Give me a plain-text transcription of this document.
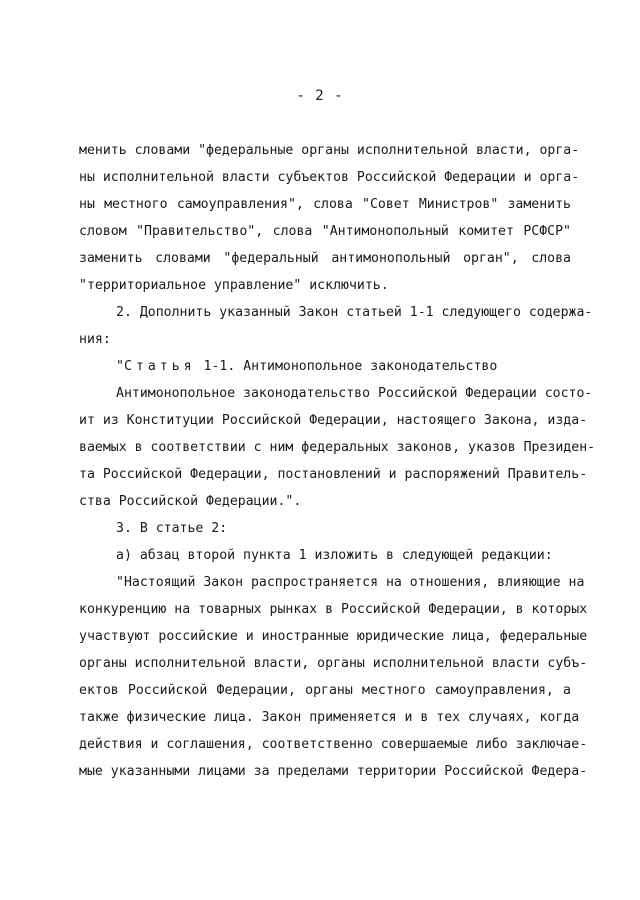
- 2 -
менить словами "федеральные органы исполнительной власти, орга-
ны исполнительной власти субъектов Российской Федерации и орга-
ны местного самоуправления", слова "Совет Министров" заменить
словом "Правительство", слова "Антимонопольный комитет РСФСР"
заменить словами "федеральный антимонопольный орган", слова
"территориальное управление" исключить.
2. Дополнить указанный Закон статьей 1-1 следующего содержа-
ния:
"Статья 1-1. Антимонопольное законодательство
Антимонопольное законодательство Российской Федерации состо-
ит из Конституции Российской Федерации, настоящего Закона, изда-
ваемых в соответствии с ним федеральных законов, указов Президен-
та Российской Федерации, постановлений и распоряжений Правитель-
ства Российской Федерации.".
3. В статье 2:
а) абзац второй пункта 1 изложить в следующей редакции:
"Настоящий Закон распространяется на отношения, влияющие на
конкуренцию на товарных рынках в Российской Федерации, в которых
участвуют российские и иностранные юридические лица, федеральные
органы исполнительной власти, органы исполнительной власти субъ-
ектов Российской Федерации, органы местного самоуправления, а
также физические лица. Закон применяется и в тех случаях, когда
действия и соглашения, соответственно совершаемые либо заключае-
мые указанными лицами за пределами территории Российской Федера-
